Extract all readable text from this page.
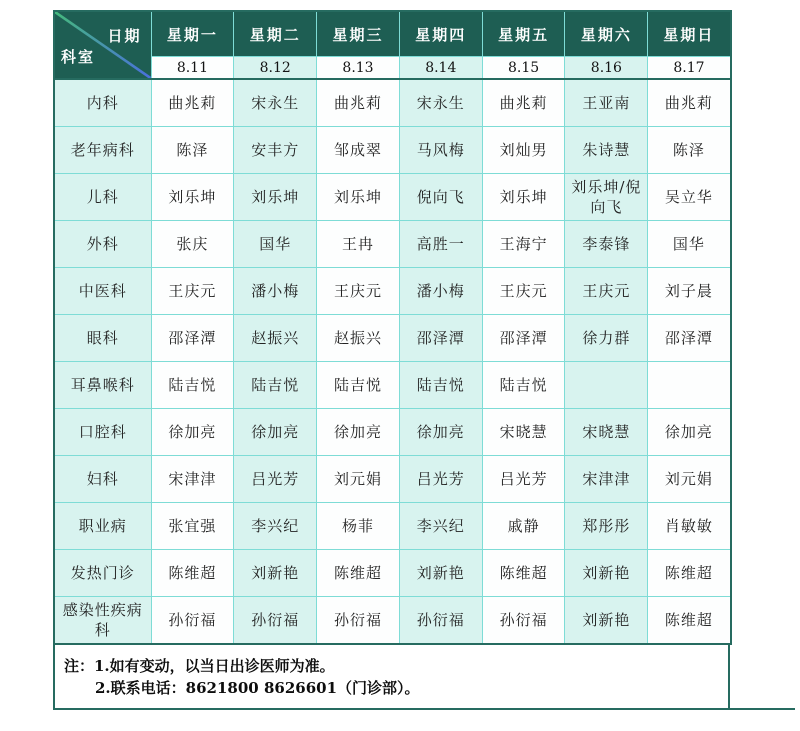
日期
科室	星期一	星期二	星期三	星期四	星期五	星期六	星期日
	8.11	8.12	8.13	8.14	8.15	8.16	8.17
内科	曲兆莉	宋永生	曲兆莉	宋永生	曲兆莉	王亚南	曲兆莉
老年病科	陈泽	安丰方	邹成翠	马风梅	刘灿男	朱诗慧	陈泽
儿科	刘乐坤	刘乐坤	刘乐坤	倪向飞	刘乐坤	刘乐坤/倪向飞	吴立华
外科	张庆	国华	王冉	高胜一	王海宁	李泰锋	国华
中医科	王庆元	潘小梅	王庆元	潘小梅	王庆元	王庆元	刘子晨
眼科	邵泽潭	赵振兴	赵振兴	邵泽潭	邵泽潭	徐力群	邵泽潭
耳鼻喉科	陆吉悦	陆吉悦	陆吉悦	陆吉悦	陆吉悦		
口腔科	徐加亮	徐加亮	徐加亮	徐加亮	宋晓慧	宋晓慧	徐加亮
妇科	宋津津	吕光芳	刘元娟	吕光芳	吕光芳	宋津津	刘元娟
职业病	张宜强	李兴纪	杨菲	李兴纪	戚静	郑彤彤	肖敏敏
发热门诊	陈维超	刘新艳	陈维超	刘新艳	陈维超	刘新艳	陈维超
感染性疾病科	孙衍福	孙衍福	孙衍福	孙衍福	孙衍福	刘新艳	陈维超
注：1.如有变动，以当日出诊医师为准。
2.联系电话：8621800 8626601（门诊部）。
